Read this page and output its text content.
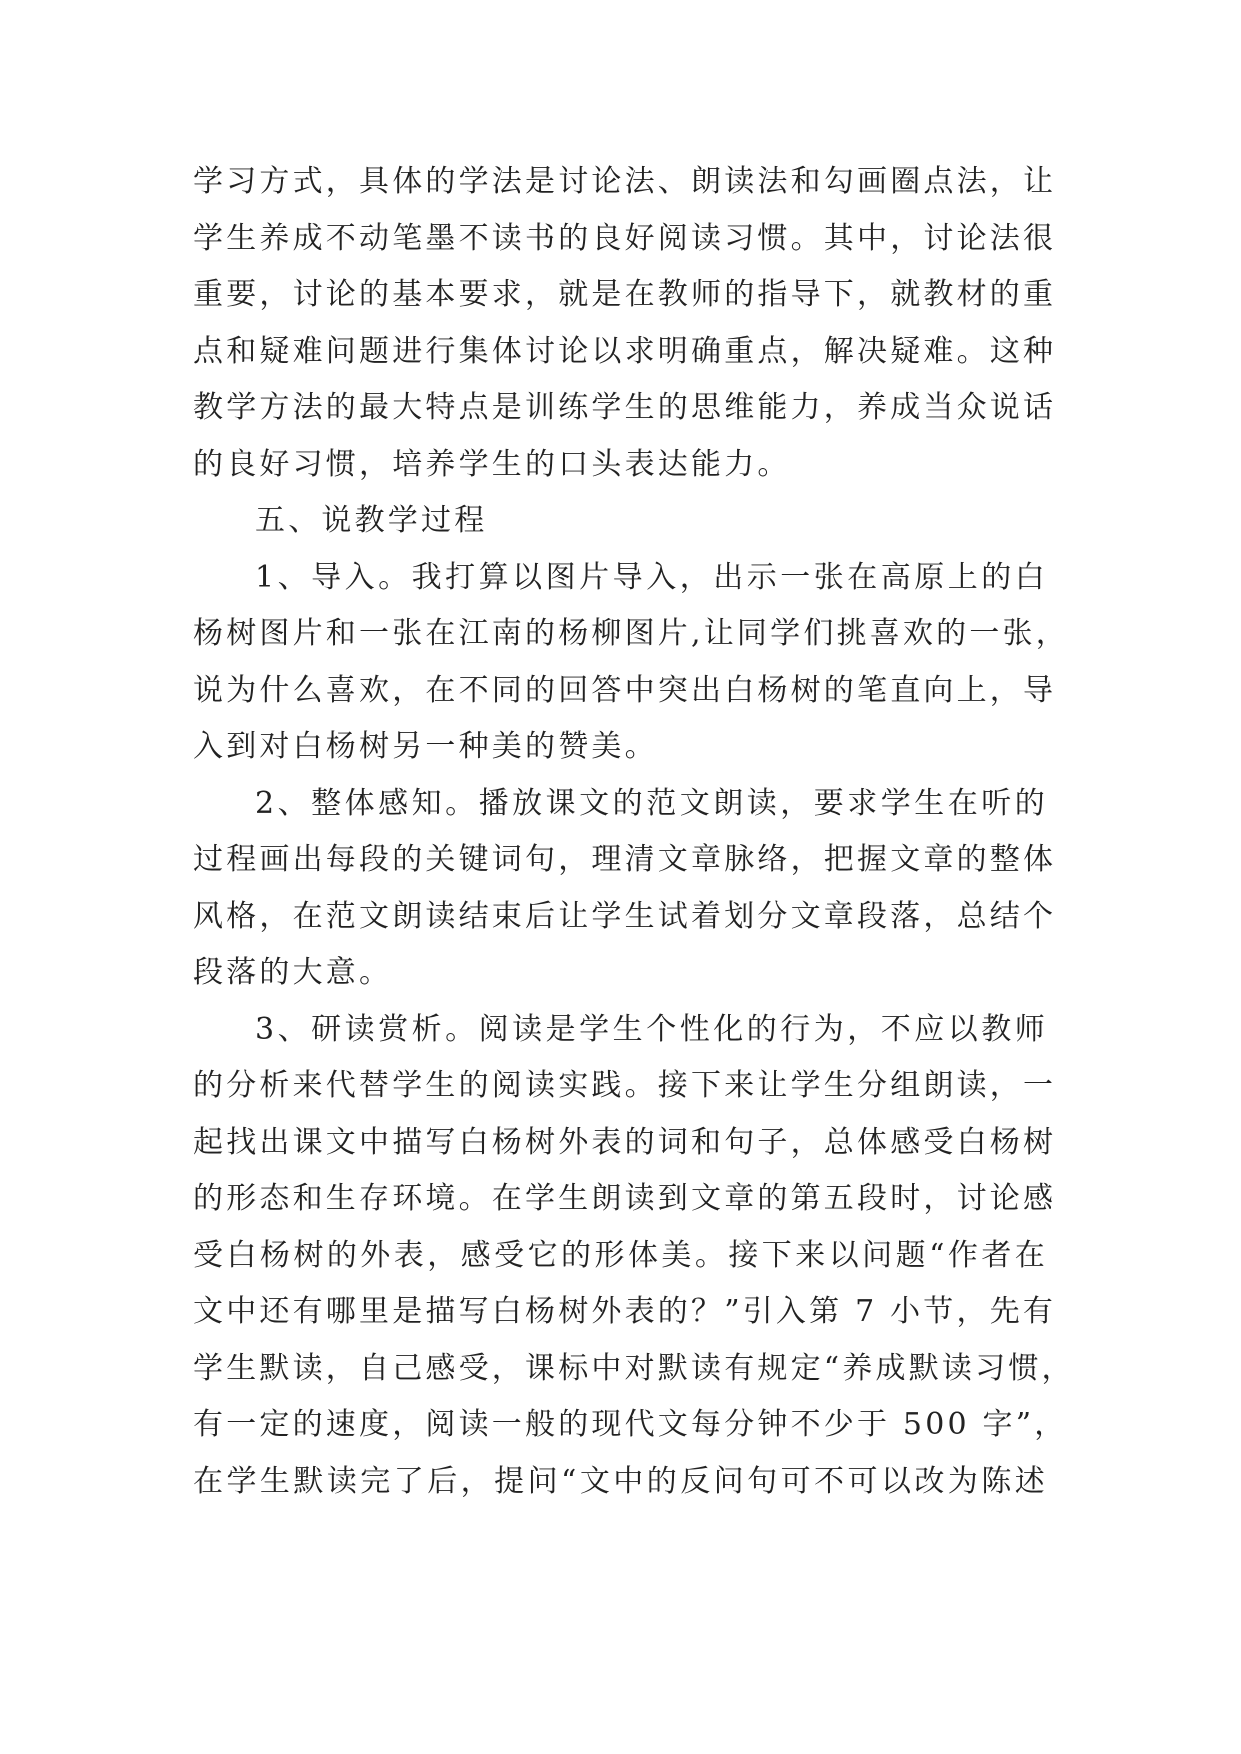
学习方式，具体的学法是讨论法、朗读法和勾画圈点法，让
学生养成不动笔墨不读书的良好阅读习惯。其中，讨论法很
重要，讨论的基本要求，就是在教师的指导下，就教材的重
点和疑难问题进行集体讨论以求明确重点，解决疑难。这种
教学方法的最大特点是训练学生的思维能力，养成当众说话
的良好习惯，培养学生的口头表达能力。
五、说教学过程
1、导入。我打算以图片导入，出示一张在高原上的白
杨树图片和一张在江南的杨柳图片,让同学们挑喜欢的一张，
说为什么喜欢，在不同的回答中突出白杨树的笔直向上，导
入到对白杨树另一种美的赞美。
2、整体感知。播放课文的范文朗读，要求学生在听的
过程画出每段的关键词句，理清文章脉络，把握文章的整体
风格，在范文朗读结束后让学生试着划分文章段落，总结个
段落的大意。
3、研读赏析。阅读是学生个性化的行为，不应以教师
的分析来代替学生的阅读实践。接下来让学生分组朗读，一
起找出课文中描写白杨树外表的词和句子，总体感受白杨树
的形态和生存环境。在学生朗读到文章的第五段时，讨论感
受白杨树的外表，感受它的形体美。接下来以问题“作者在
文中还有哪里是描写白杨树外表的？”引入第 7 小节，先有
学生默读，自己感受，课标中对默读有规定“养成默读习惯，
有一定的速度，阅读一般的现代文每分钟不少于 500 字”，
在学生默读完了后，提问“文中的反问句可不可以改为陈述
